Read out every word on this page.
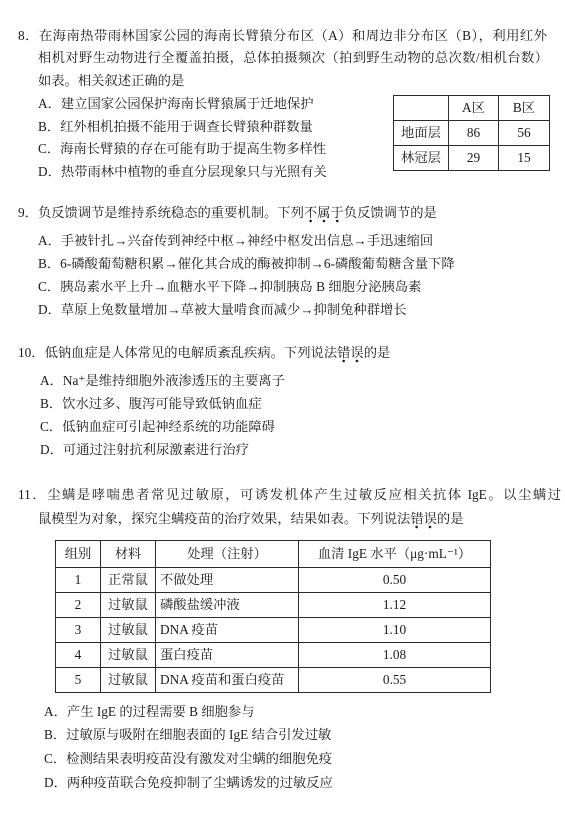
8．在海南热带雨林国家公园的海南长臂猿分布区（A）和周边非分布区（B），利用红外
相机对野生动物进行全覆盖拍摄，总体拍摄频次（拍到野生动物的总次数/相机台数）
如表。相关叙述正确的是
A．建立国家公园保护海南长臂猿属于迁地保护
B．红外相机拍摄不能用于调查长臂猿种群数量
C．海南长臂猿的存在可能有助于提高生物多样性
D．热带雨林中植物的垂直分层现象只与光照有关
	A区	B区
地面层	86	56
林冠层	29	15
9．负反馈调节是维持系统稳态的重要机制。下列不属于负反馈调节的是
A．手被针扎→兴奋传到神经中枢→神经中枢发出信息→手迅速缩回
B．6-磷酸葡萄糖积累→催化其合成的酶被抑制→6-磷酸葡萄糖含量下降
C．胰岛素水平上升→血糖水平下降→抑制胰岛 B 细胞分泌胰岛素
D．草原上兔数量增加→草被大量啃食而减少→抑制兔种群增长
10．低钠血症是人体常见的电解质紊乱疾病。下列说法错误的是
A．Na⁺是维持细胞外液渗透压的主要离子
B．饮水过多、腹泻可能导致低钠血症
C．低钠血症可引起神经系统的功能障碍
D．可通过注射抗利尿激素进行治疗
11．尘螨是哮喘患者常见过敏原，可诱发机体产生过敏反应相关抗体 IgE。以尘螨过
鼠模型为对象，探究尘螨疫苗的治疗效果，结果如表。下列说法错误的是
组别	材料	处理（注射）	血清 IgE 水平（μg·mL⁻¹）
1	正常鼠	不做处理	0.50
2	过敏鼠	磷酸盐缓冲液	1.12
3	过敏鼠	DNA 疫苗	1.10
4	过敏鼠	蛋白疫苗	1.08
5	过敏鼠	DNA 疫苗和蛋白疫苗	0.55
A．产生 IgE 的过程需要 B 细胞参与
B．过敏原与吸附在细胞表面的 IgE 结合引发过敏
C．检测结果表明疫苗没有激发对尘螨的细胞免疫
D．两种疫苗联合免疫抑制了尘螨诱发的过敏反应
